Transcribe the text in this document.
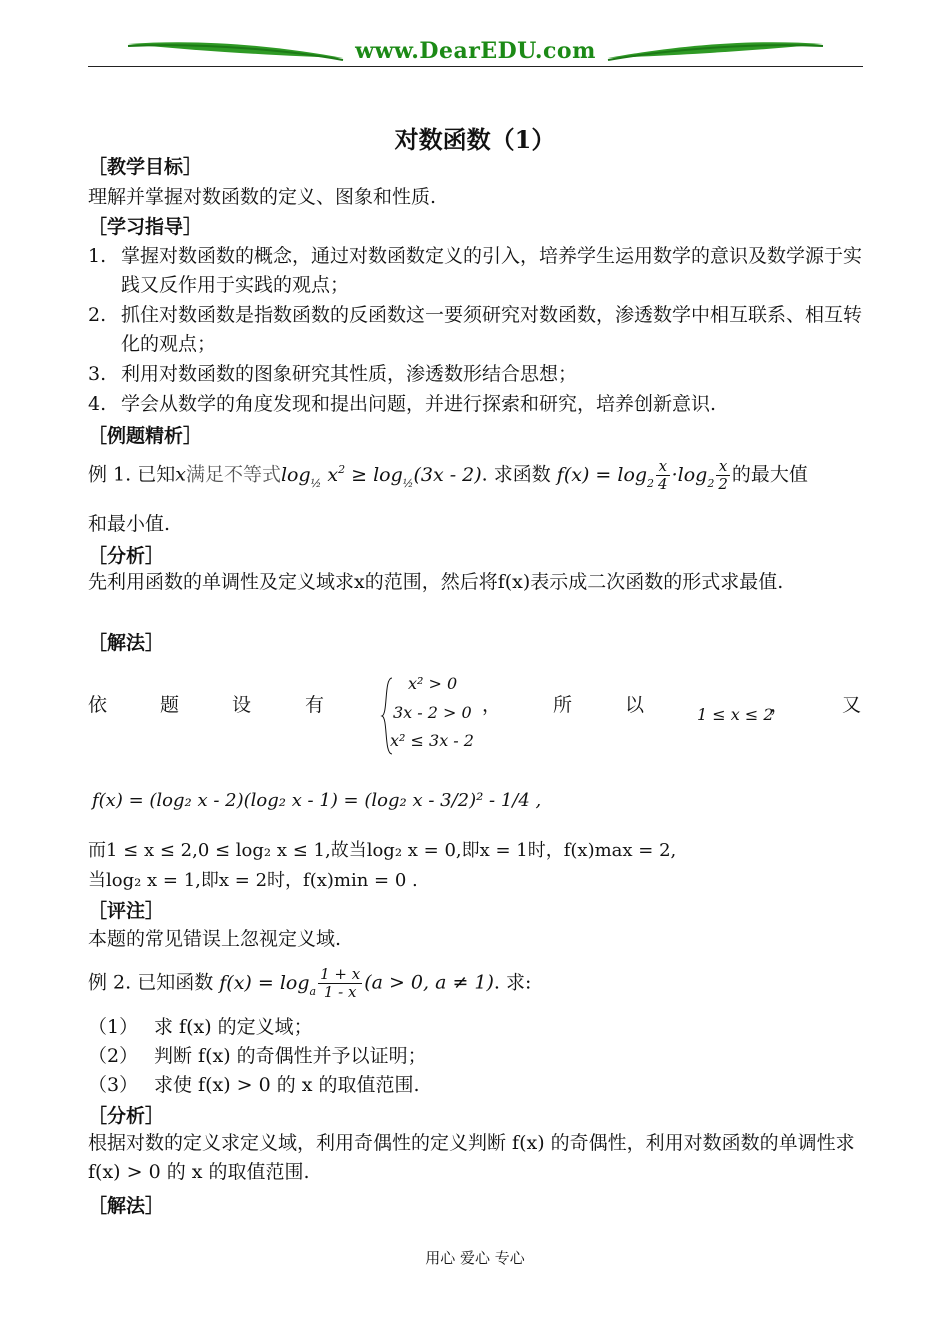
www.DearEDU.com
对数函数（1）
［教学目标］
理解并掌握对数函数的定义、图象和性质.
［学习指导］
1. 掌握对数函数的概念，通过对数函数定义的引入，培养学生运用数学的意识及数学源于实践又反作用于实践的观点；
2. 抓住对数函数是指数函数的反函数这一要须研究对数函数，渗透数学中相互联系、相互转化的观点；
3. 利用对数函数的图象研究其性质，渗透数形结合思想；
4. 学会从数学的角度发现和提出问题，并进行探索和研究，培养创新意识.
［例题精析］
例 1. 已知x满足不等式$\log_{\frac{1}{2}} x^2 \ge \log_{\frac{1}{2}}(3x - 2)$. 求函数 $f(x) = \log_2 \frac{x}{4} \cdot\log_2 \frac{x}{2}$ 的最大值
和最小值.
［分析］
先利用函数的单调性及定义域求x的范围，然后将f(x)表示成二次函数的形式求最值.
［解法］
依	题	设	有
x² > 0
3x - 2 > 0
x² ≤ 3x - 2
，	所	以	1 ≤ x ≤ 2
，	又
f(x) = (log₂ x - 2)(log₂ x - 1) = (log₂ x - 3/2)² - 1/4 ,
而1 ≤ x ≤ 2,0 ≤ log₂ x ≤ 1,故当log₂ x = 0,即x = 1时，f(x)max = 2,
当log₂ x = 1,即x = 2时，f(x)min = 0 .
［评注］
本题的常见错误上忽视定义域.
例 2. 已知函数 $f(x) = \log_a \frac{1 + x}{1 - x} (a > 0$, a ≠ 1). 求:
（1） 求 f(x) 的定义域；
（2） 判断 f(x) 的奇偶性并予以证明；
（3） 求使 f(x) > 0 的 x 的取值范围.
［分析］
根据对数的定义求定义域，利用奇偶性的定义判断 f(x) 的奇偶性，利用对数函数的单调性求 f(x) > 0 的 x 的取值范围.
［解法］
用心 爱心 专心
